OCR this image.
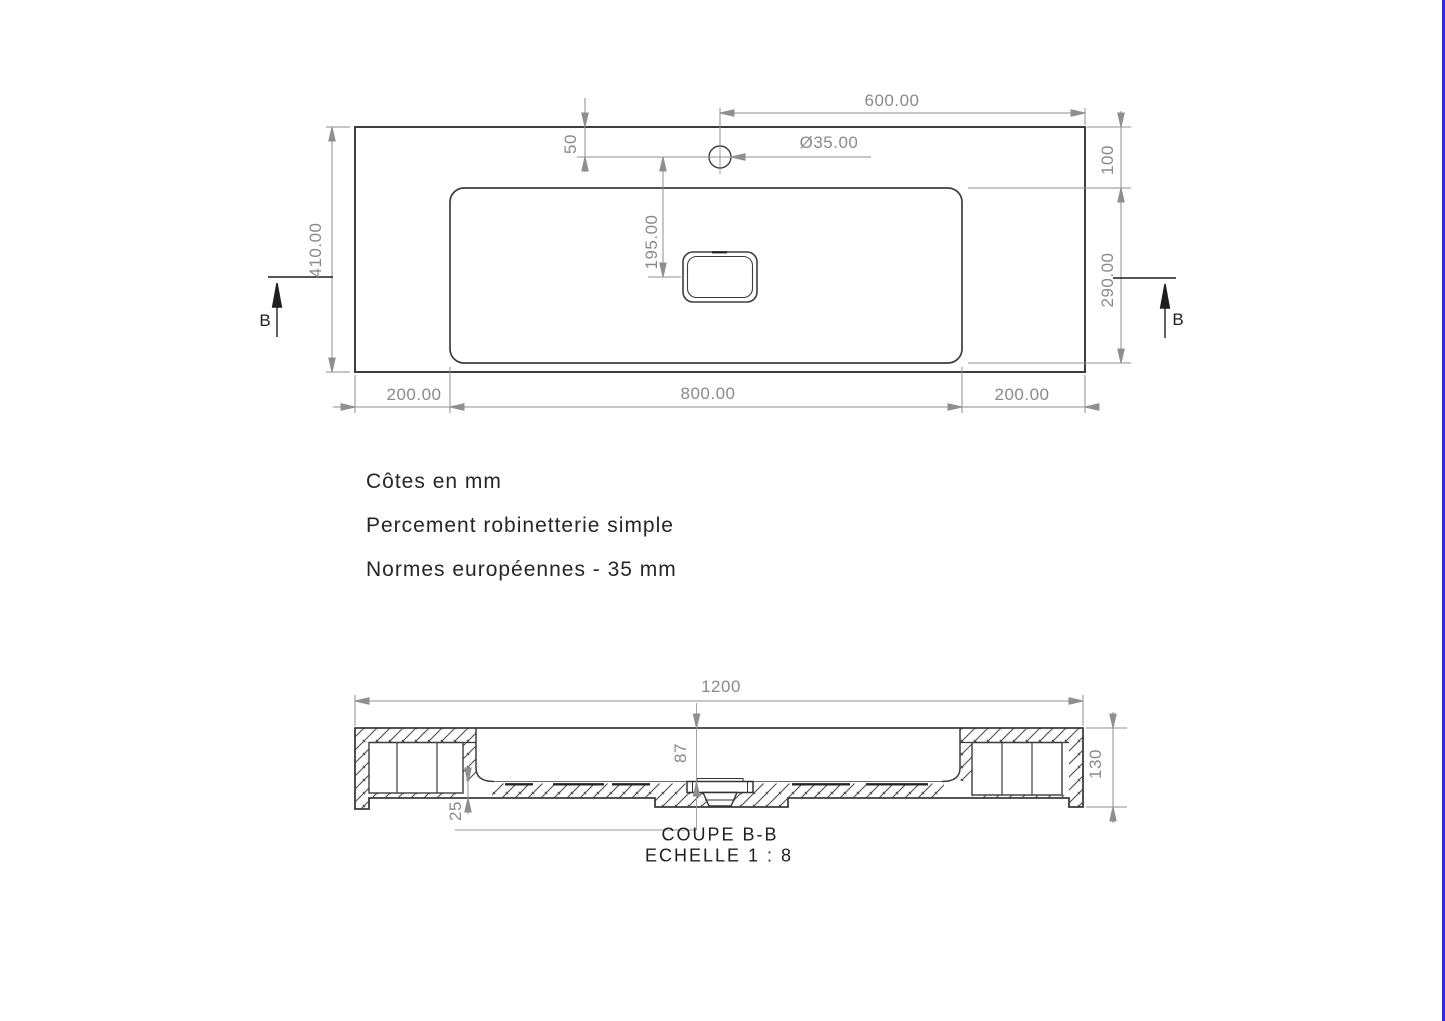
600.00
50	Ø35.00
100
410.00	195.00
290.00
200.00	800.00	200.00
B	B
Côtes en mm
Percement robinetterie simple
Normes européennes - 35 mm
1200
87	130
25
COUPE B-B
ECHELLE 1 : 8
